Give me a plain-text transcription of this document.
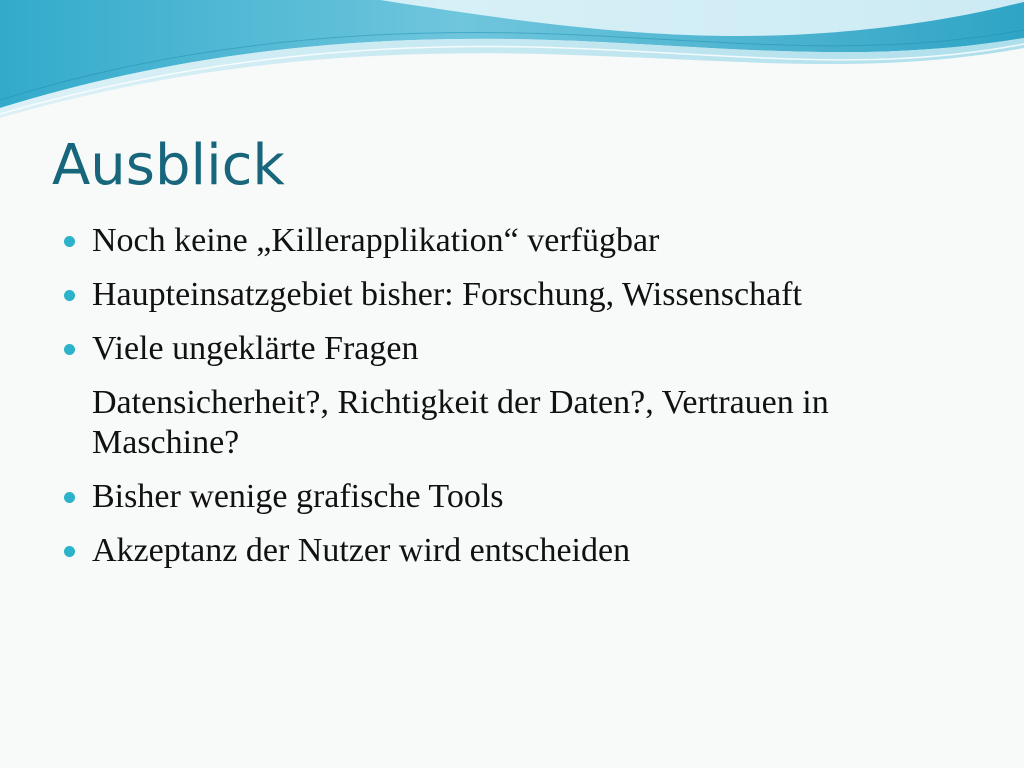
Ausblick
Noch keine „Killerapplikation“ verfügbar
Haupteinsatzgebiet bisher: Forschung, Wissenschaft
Viele ungeklärte Fragen
Datensicherheit?, Richtigkeit der Daten?, Vertrauen in Maschine?
Bisher wenige grafische Tools
Akzeptanz der Nutzer wird entscheiden
